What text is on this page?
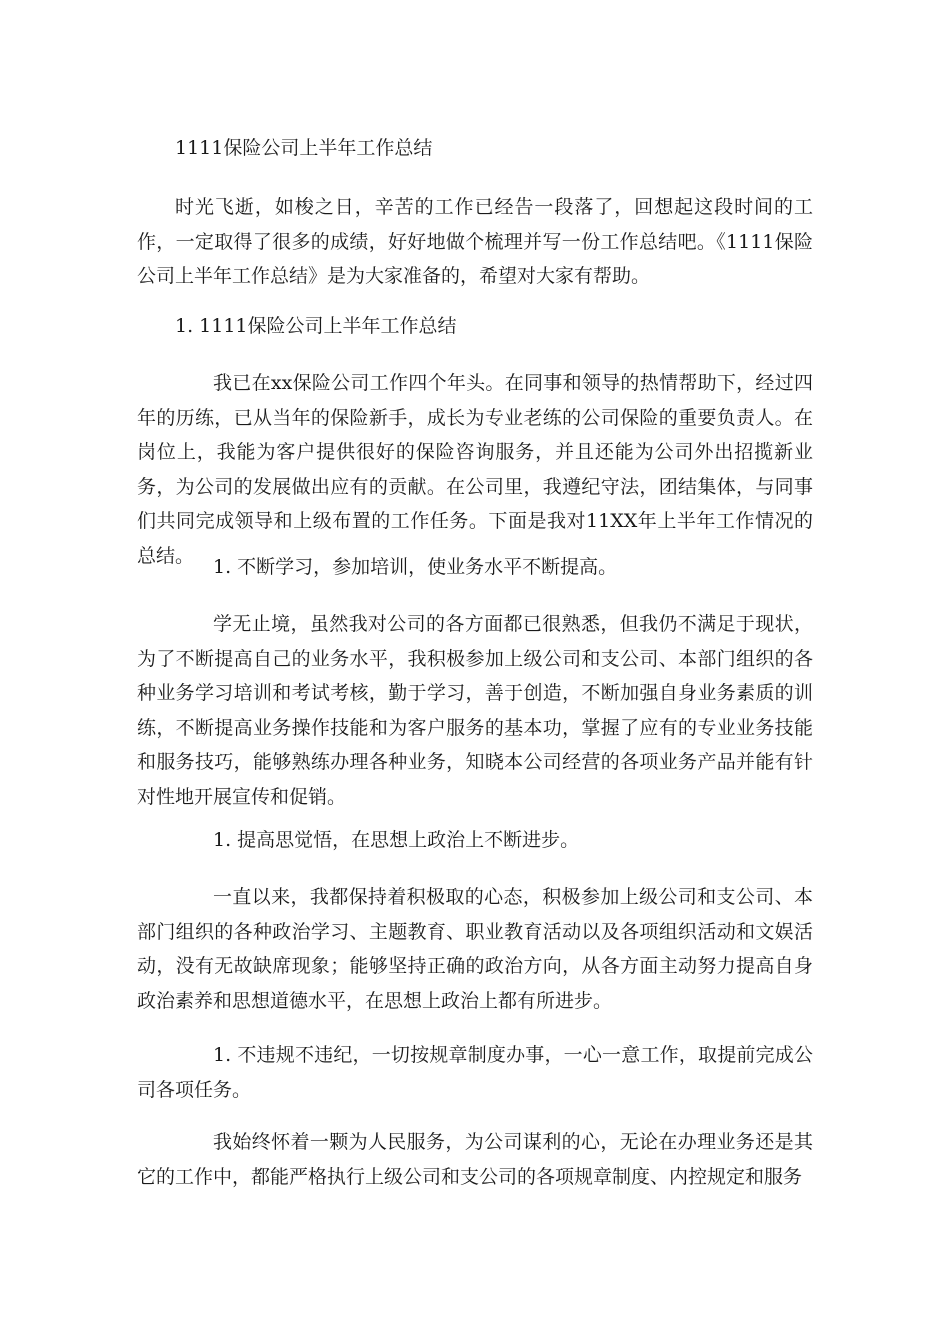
1111保险公司上半年工作总结
时光飞逝，如梭之日，辛苦的工作已经告一段落了，回想起这段时间的工作，一定取得了很多的成绩，好好地做个梳理并写一份工作总结吧。《1111保险公司上半年工作总结》是为大家准备的，希望对大家有帮助。
1. 1111保险公司上半年工作总结
我已在xx保险公司工作四个年头。在同事和领导的热情帮助下，经过四年的历练，已从当年的保险新手，成长为专业老练的公司保险的重要负责人。在岗位上，我能为客户提供很好的保险咨询服务，并且还能为公司外出招揽新业务，为公司的发展做出应有的贡献。在公司里，我遵纪守法，团结集体，与同事们共同完成领导和上级布置的工作任务。下面是我对11XX年上半年工作情况的总结。
1. 不断学习，参加培训，使业务水平不断提高。
学无止境，虽然我对公司的各方面都已很熟悉，但我仍不满足于现状，为了不断提高自己的业务水平，我积极参加上级公司和支公司、本部门组织的各种业务学习培训和考试考核，勤于学习，善于创造，不断加强自身业务素质的训练，不断提高业务操作技能和为客户服务的基本功，掌握了应有的专业业务技能和服务技巧，能够熟练办理各种业务，知晓本公司经营的各项业务产品并能有针对性地开展宣传和促销。
1. 提高思觉悟，在思想上政治上不断进步。
一直以来，我都保持着积极取的心态，积极参加上级公司和支公司、本部门组织的各种政治学习、主题教育、职业教育活动以及各项组织活动和文娱活动，没有无故缺席现象；能够坚持正确的政治方向，从各方面主动努力提高自身政治素养和思想道德水平，在思想上政治上都有所进步。
1. 不违规不违纪，一切按规章制度办事，一心一意工作，取提前完成公司各项任务。
我始终怀着一颗为人民服务，为公司谋利的心，无论在办理业务还是其它的工作中，都能严格执行上级公司和支公司的各项规章制度、内控规定和服务
